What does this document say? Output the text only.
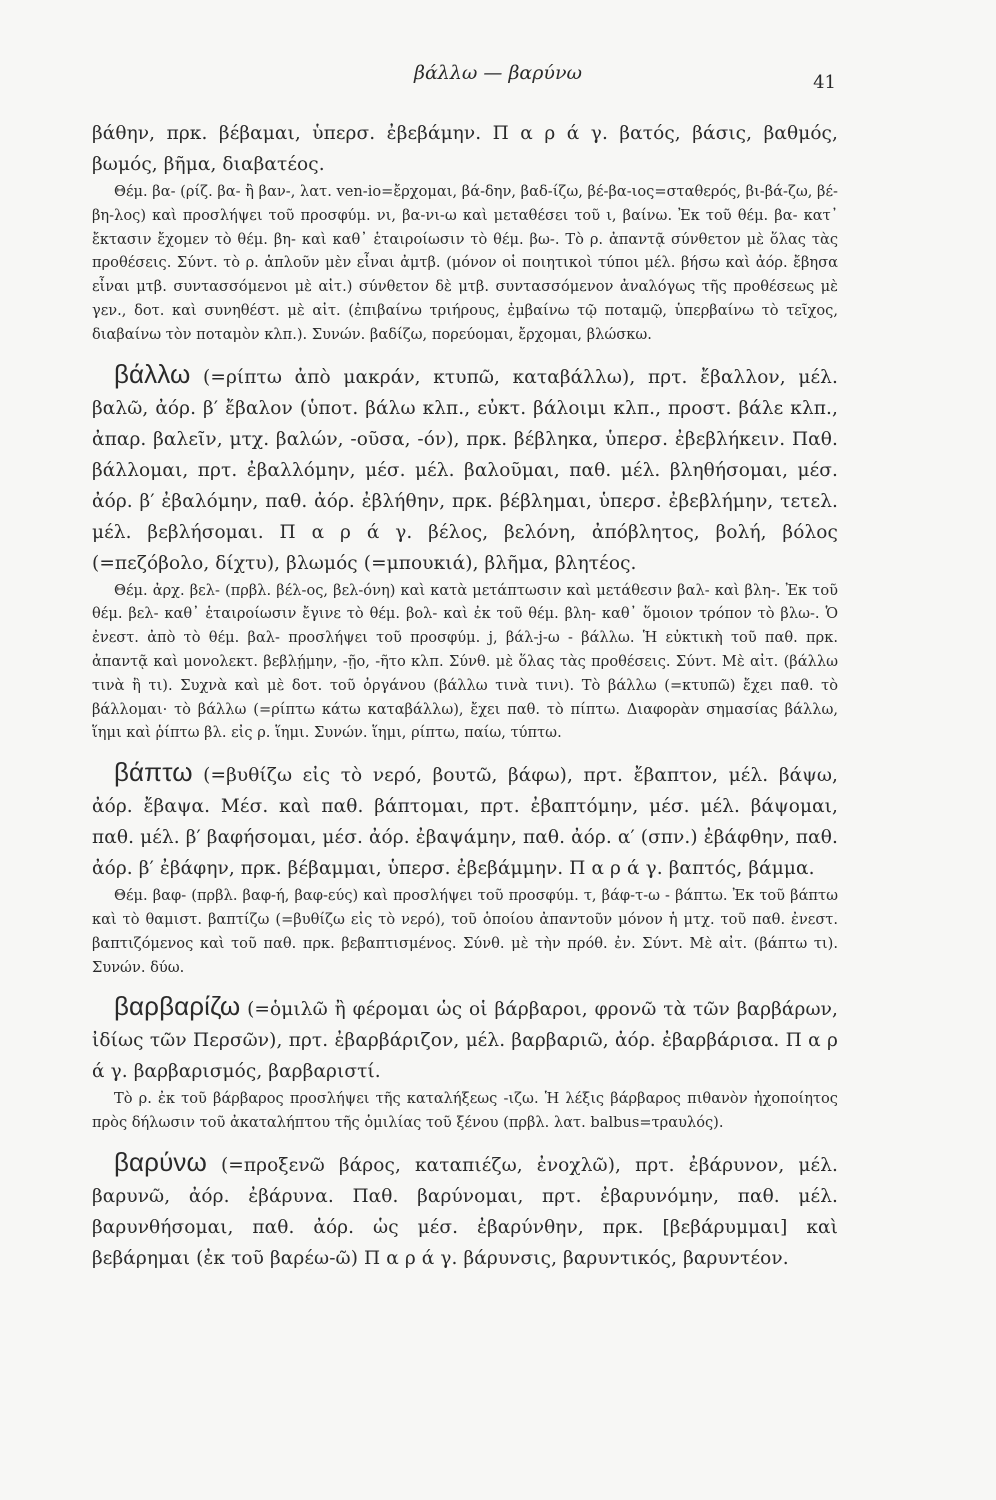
βάλλω — βαρύνω	41

βάθην, πρκ. βέβαμαι, ὑπερσ. ἐβεβάμην. Π α ρ ά γ. βατός, βάσις, βαθμός, βωμός, βῆμα, διαβατέος.

Θέμ. βα- (ρίζ. βα- ἢ βαν-, λατ. ven-io=ἔρχομαι, βά-δην, βαδ-ίζω, βέ-βα-ιος=σταθερός, βι-βά-ζω, βέ-βη-λος) καὶ προσλήψει τοῦ προσφύμ. νι, βα-νι-ω καὶ μεταθέσει τοῦ ι, βαίνω. Ἐκ τοῦ θέμ. βα- κατ᾿ ἔκτασιν ἔχομεν τὸ θέμ. βη- καὶ καθ᾿ ἑταιροίωσιν τὸ θέμ. βω-. Τὸ ρ. ἀπαντᾷ σύνθετον μὲ ὅλας τὰς προθέσεις. Σύντ. τὸ ρ. ἁπλοῦν μὲν εἶναι ἀμτβ. (μόνον οἱ ποιητικοὶ τύποι μέλ. βήσω καὶ ἀόρ. ἔβησα εἶναι μτβ. συντασσόμενοι μὲ αἰτ.) σύνθετον δὲ μτβ. συντασσόμενον ἀναλόγως τῆς προθέσεως μὲ γεν., δοτ. καὶ συνηθέστ. μὲ αἰτ. (ἐπιβαίνω τριήρους, ἐμβαίνω τῷ ποταμῷ, ὑπερβαίνω τὸ τεῖχος, διαβαίνω τὸν ποταμὸν κλπ.). Συνών. βαδίζω, πορεύομαι, ἔρχομαι, βλώσκω.

βάλλω (=ρίπτω ἀπὸ μακράν, κτυπῶ, καταβάλλω), πρτ. ἔβαλλον, μέλ. βαλῶ, ἀόρ. β′ ἔβαλον (ὑποτ. βάλω κλπ., εὐκτ. βάλοιμι κλπ., προστ. βάλε κλπ., ἀπαρ. βαλεῖν, μτχ. βαλών, -οῦσα, -όν), πρκ. βέβληκα, ὑπερσ. ἐβεβλήκειν. Παθ. βάλλομαι, πρτ. ἐβαλλόμην, μέσ. μέλ. βαλοῦμαι, παθ. μέλ. βληθήσομαι, μέσ. ἀόρ. β′ ἐβαλόμην, παθ. ἀόρ. ἐβλήθην, πρκ. βέβλημαι, ὑπερσ. ἐβεβλήμην, τετελ. μέλ. βεβλήσομαι. Π α ρ ά γ. βέλος, βελόνη, ἀπόβλητος, βολή, βόλος (=πεζόβολο, δίχτυ), βλωμός (=μπουκιά), βλῆμα, βλητέος.

Θέμ. ἀρχ. βελ- (πρβλ. βέλ-ος, βελ-όνη) καὶ κατὰ μετάπτωσιν καὶ μετάθεσιν βαλ- καὶ βλη-. Ἐκ τοῦ θέμ. βελ- καθ᾿ ἑταιροίωσιν ἔγινε τὸ θέμ. βολ- καὶ ἐκ τοῦ θέμ. βλη- καθ᾿ ὅμοιον τρόπον τὸ βλω-. Ὁ ἐνεστ. ἀπὸ τὸ θέμ. βαλ- προσλήψει τοῦ προσφύμ. j, βάλ-j-ω - βάλλω. Ἡ εὐκτικὴ τοῦ παθ. πρκ. ἀπαντᾷ καὶ μονολεκτ. βεβλῄμην, -ῇο, -ῆτο κλπ. Σύνθ. μὲ ὅλας τὰς προθέσεις. Σύντ. Μὲ αἰτ. (βάλλω τινὰ ἢ τι). Συχνὰ καὶ μὲ δοτ. τοῦ ὀργάνου (βάλλω τινὰ τινι). Τὸ βάλλω (=κτυπῶ) ἔχει παθ. τὸ βάλλομαι· τὸ βάλλω (=ρίπτω κάτω καταβάλλω), ἔχει παθ. τὸ πίπτω. Διαφορὰν σημασίας βάλλω, ἵημι καὶ ῥίπτω βλ. εἰς ρ. ἵημι. Συνών. ἵημι, ρίπτω, παίω, τύπτω.

βάπτω (=βυθίζω εἰς τὸ νερό, βουτῶ, βάφω), πρτ. ἔβαπτον, μέλ. βάψω, ἀόρ. ἔβαψα. Μέσ. καὶ παθ. βάπτομαι, πρτ. ἐβαπτόμην, μέσ. μέλ. βάψομαι, παθ. μέλ. β′ βαφήσομαι, μέσ. ἀόρ. ἐβαψάμην, παθ. ἀόρ. α′ (σπν.) ἐβάφθην, παθ. ἀόρ. β′ ἐβάφην, πρκ. βέβαμμαι, ὑπερσ. ἐβεβάμμην. Π α ρ ά γ. βαπτός, βάμμα.

Θέμ. βαφ- (πρβλ. βαφ-ή, βαφ-εύς) καὶ προσλήψει τοῦ προσφύμ. τ, βάφ-τ-ω - βάπτω. Ἐκ τοῦ βάπτω καὶ τὸ θαμιστ. βαπτίζω (=βυθίζω εἰς τὸ νερό), τοῦ ὁποίου ἀπαντοῦν μόνον ἡ μτχ. τοῦ παθ. ἐνεστ. βαπτιζόμενος καὶ τοῦ παθ. πρκ. βεβαπτισμένος. Σύνθ. μὲ τὴν πρόθ. ἐν. Σύντ. Μὲ αἰτ. (βάπτω τι). Συνών. δύω.

βαρβαρίζω (=ὁμιλῶ ἢ φέρομαι ὡς οἱ βάρβαροι, φρονῶ τὰ τῶν βαρβάρων, ἰδίως τῶν Περσῶν), πρτ. ἐβαρβάριζον, μέλ. βαρβαριῶ, ἀόρ. ἐβαρβάρισα. Π α ρ ά γ. βαρβαρισμός, βαρβαριστί.

Τὸ ρ. ἐκ τοῦ βάρβαρος προσλήψει τῆς καταλήξεως -ιζω. Ἡ λέξις βάρβαρος πιθανὸν ἠχοποίητος πρὸς δήλωσιν τοῦ ἀκαταλήπτου τῆς ὁμιλίας τοῦ ξένου (πρβλ. λατ. balbus=τραυλός).

βαρύνω (=προξενῶ βάρος, καταπιέζω, ἐνοχλῶ), πρτ. ἐβάρυνον, μέλ. βαρυνῶ, ἀόρ. ἐβάρυνα. Παθ. βαρύνομαι, πρτ. ἐβαρυνόμην, παθ. μέλ. βαρυνθήσομαι, παθ. ἀόρ. ὡς μέσ. ἐβαρύνθην, πρκ. [βεβάρυμμαι] καὶ βεβάρημαι (ἐκ τοῦ βαρέω-ῶ) Π α ρ ά γ. βάρυνσις, βαρυντικός, βαρυντέον.
